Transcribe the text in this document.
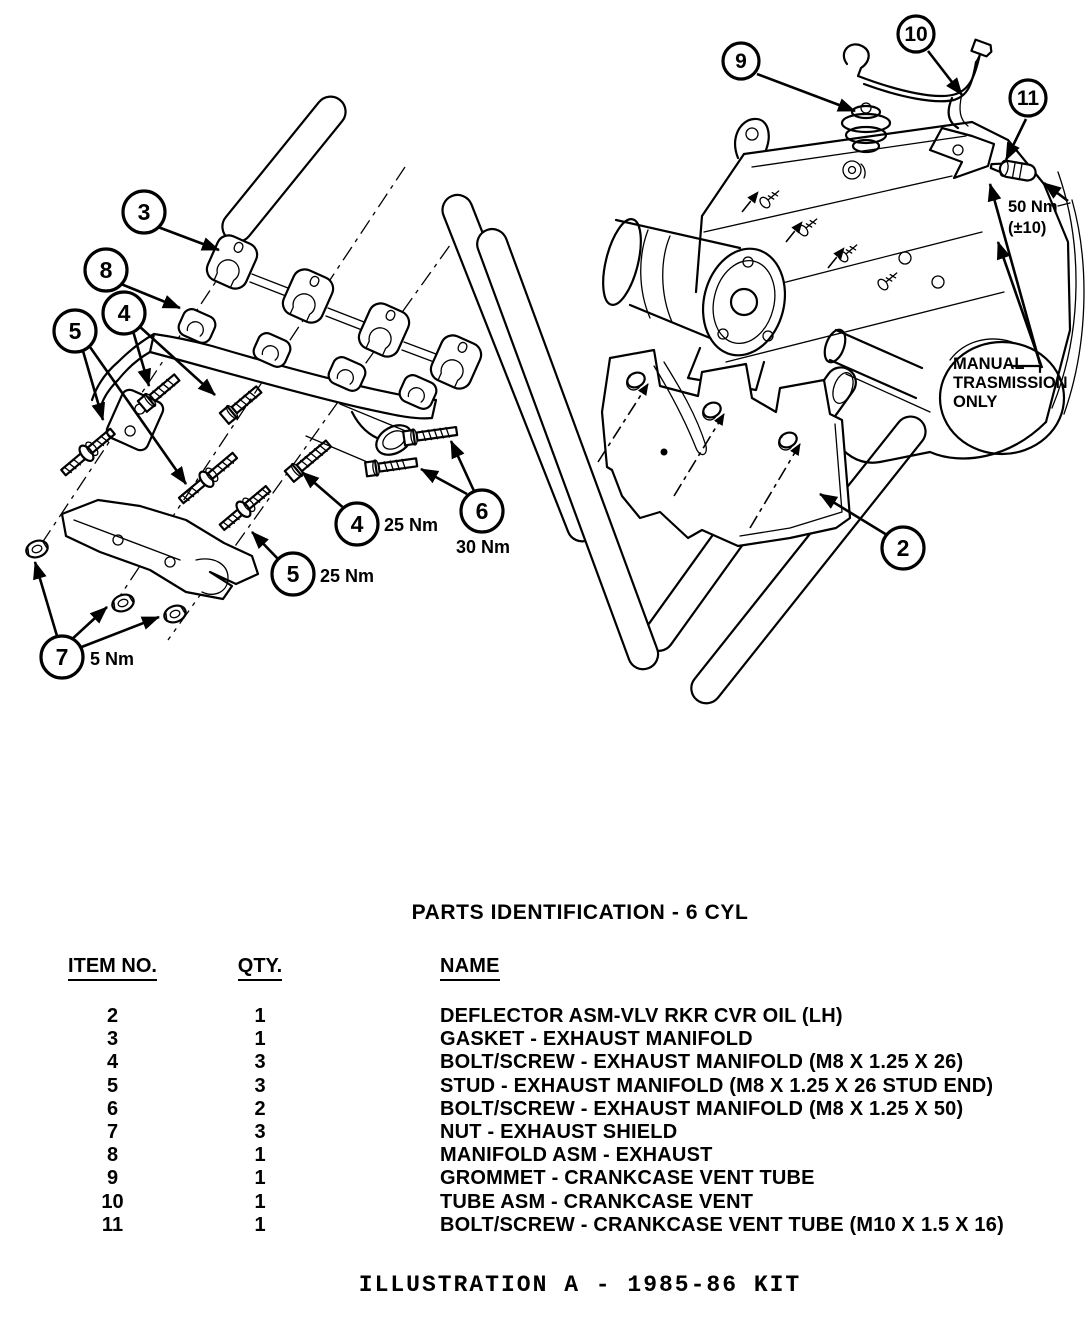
3
8
5
4
4	6
5
7
2
9
10
11
25 Nm
30 Nm
25 Nm
5 Nm
50 Nm
(±10)
MANUAL
TRASMISSION
ONLY
PARTS IDENTIFICATION - 6 CYL
ITEM NO.	QTY.	NAME
2	1	DEFLECTOR ASM-VLV RKR CVR OIL (LH)
3	1	GASKET - EXHAUST MANIFOLD
4	3	BOLT/SCREW - EXHAUST MANIFOLD (M8 X 1.25 X 26)
5	3	STUD - EXHAUST MANIFOLD (M8 X 1.25 X 26 STUD END)
6	2	BOLT/SCREW - EXHAUST MANIFOLD (M8 X 1.25 X 50)
7	3	NUT - EXHAUST SHIELD
8	1	MANIFOLD ASM - EXHAUST
9	1	GROMMET - CRANKCASE VENT TUBE
10	1	TUBE ASM - CRANKCASE VENT
11	1	BOLT/SCREW - CRANKCASE VENT TUBE (M10 X 1.5 X 16)
ILLUSTRATION A - 1985-86 KIT
